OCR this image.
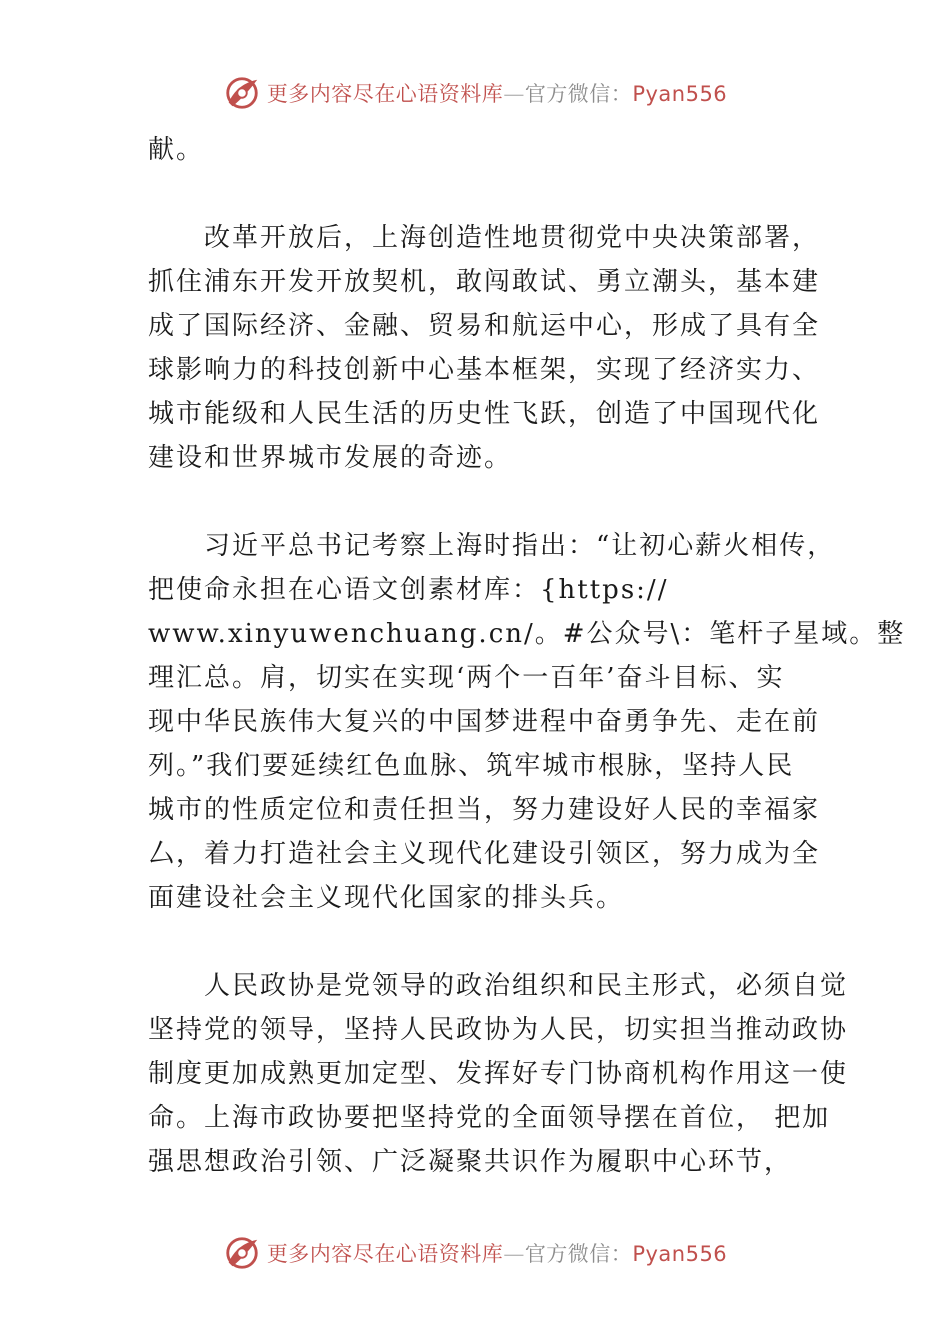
更多内容尽在心语资料库—官方微信：Pyan556
献。
改革开放后，上海创造性地贯彻党中央决策部署，
抓住浦东开发开放契机，敢闯敢试、勇立潮头，基本建
成了国际经济、金融、贸易和航运中心，形成了具有全
球影响力的科技创新中心基本框架，实现了经济实力、
城市能级和人民生活的历史性飞跃，创造了中国现代化
建设和世界城市发展的奇迹。
习近平总书记考察上海时指出：“让初心薪火相传，
把使命永担在心语文创素材库：{https://
www.xinyuwenchuang.cn/。#公众号\：笔杆子星域。整
理汇总。肩，切实在实现‘两个一百年’奋斗目标、实
现中华民族伟大复兴的中国梦进程中奋勇争先、走在前
列。”我们要延续红色血脉、筑牢城市根脉，坚持人民
城市的性质定位和责任担当，努力建设好人民的幸福家
厶，着力打造社会主义现代化建设引领区，努力成为全
面建设社会主义现代化国家的排头兵。
人民政协是党领导的政治组织和民主形式，必须自觉
坚持党的领导，坚持人民政协为人民，切实担当推动政协
制度更加成熟更加定型、发挥好专门协商机构作用这一使
命。上海市政协要把坚持党的全面领导摆在首位， 把加
强思想政治引领、广泛凝聚共识作为履职中心环节，
更多内容尽在心语资料库—官方微信：Pyan556
